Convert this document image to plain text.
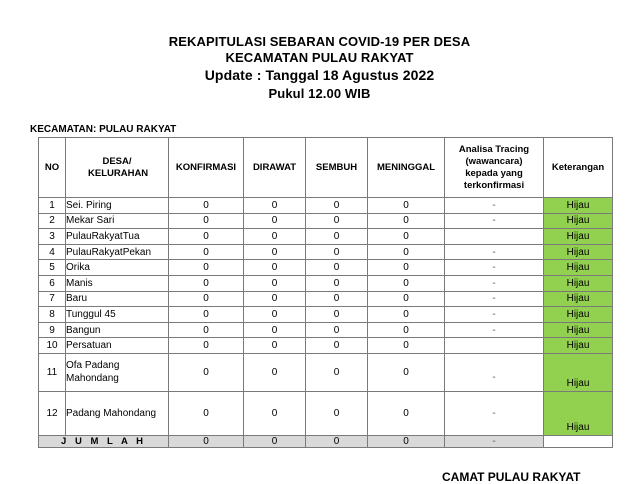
REKAPITULASI SEBARAN COVID-19 PER DESA
KECAMATAN PULAU RAKYAT
Update : Tanggal 18 Agustus 2022
Pukul 12.00 WIB
KECAMATAN: PULAU RAKYAT
NO	DESA/ KELURAHAN	KONFIRMASI	DIRAWAT	SEMBUH	MENINGGAL	Analisa Tracing (wawancara) kepada yang terkonfirmasi	Keterangan
1	Sei. Piring	0	0	0	0	-	Hijau
2	Mekar Sari	0	0	0	0	-	Hijau
3	PulauRakyatTua	0	0	0	0		Hijau
4	PulauRakyatPekan	0	0	0	0	-	Hijau
5	Orika	0	0	0	0	-	Hijau
6	Manis	0	0	0	0	-	Hijau
7	Baru	0	0	0	0	-	Hijau
8	Tunggul 45	0	0	0	0	-	Hijau
9	Bangun	0	0	0	0	-	Hijau
10	Persatuan	0	0	0	0		Hijau
11	Ofa Padang Mahondang	0	0	0	0	-	Hijau
12	Padang Mahondang	0	0	0	0	-	Hijau
J U M L A H		0	0	0	0	-	
CAMAT PULAU RAKYAT
